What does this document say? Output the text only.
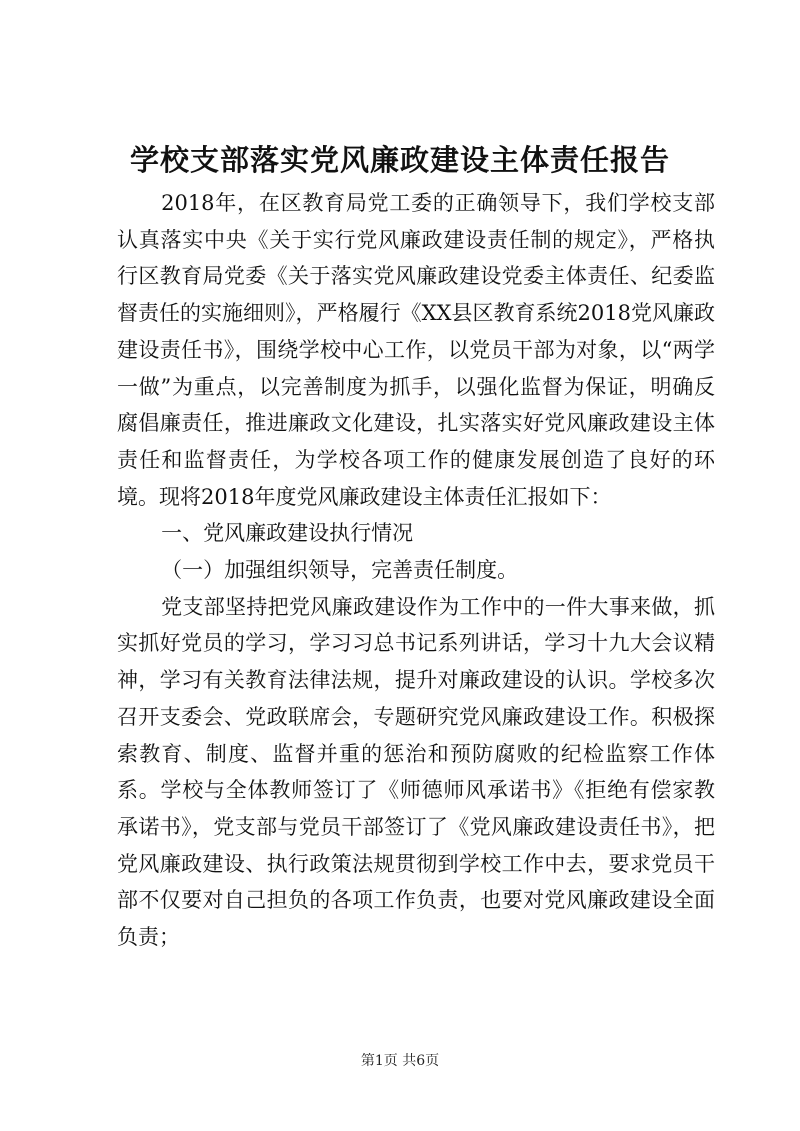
学校支部落实党风廉政建设主体责任报告

2018年，在区教育局党工委的正确领导下，我们学校支部认真落实中央《关于实行党风廉政建设责任制的规定》，严格执行区教育局党委《关于落实党风廉政建设党委主体责任、纪委监督责任的实施细则》，严格履行《XX县区教育系统2018党风廉政建设责任书》，围绕学校中心工作，以党员干部为对象，以“两学一做”为重点，以完善制度为抓手，以强化监督为保证，明确反腐倡廉责任，推进廉政文化建设，扎实落实好党风廉政建设主体责任和监督责任，为学校各项工作的健康发展创造了良好的环境。现将2018年度党风廉政建设主体责任汇报如下：

一、党风廉政建设执行情况

（一）加强组织领导，完善责任制度。

党支部坚持把党风廉政建设作为工作中的一件大事来做，抓实抓好党员的学习，学习习总书记系列讲话，学习十九大会议精神，学习有关教育法律法规，提升对廉政建设的认识。学校多次召开支委会、党政联席会，专题研究党风廉政建设工作。积极探索教育、制度、监督并重的惩治和预防腐败的纪检监察工作体系。学校与全体教师签订了《师德师风承诺书》《拒绝有偿家教承诺书》，党支部与党员干部签订了《党风廉政建设责任书》，把党风廉政建设、执行政策法规贯彻到学校工作中去，要求党员干部不仅要对自己担负的各项工作负责，也要对党风廉政建设全面负责；

第1页 共6页
